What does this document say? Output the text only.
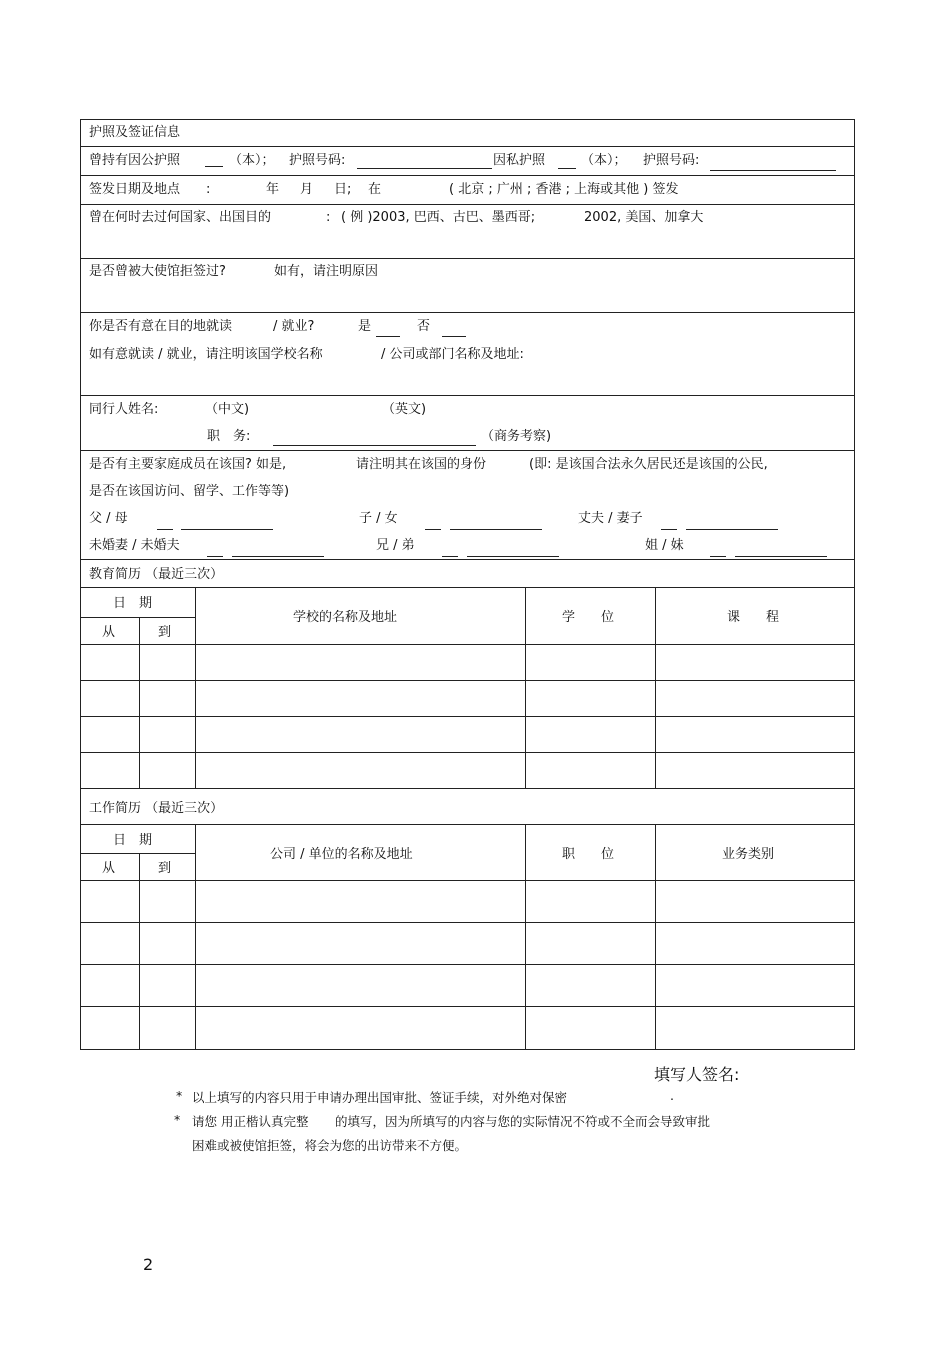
护照及签证信息
曾持有因公护照	（本）； 护照号码:	因私护照	（本）； 护照号码:
签发日期及地点 :	年 月 日; 在	( 北京 ; 广州 ; 香港 ; 上海或其他 ) 签发
曾在何时去过何国家、出国目的	: ( 例 )2003, 巴西、古巴、墨西哥;	2002, 美国、加拿大
是否曾被大使馆拒签过?	如有，请注明原因
你是否有意在目的地就读	/ 就业?	是	否
如有意就读 / 就业，请注明该国学校名称	/ 公司或部门名称及地址:
同行人姓名:	（中文)	（英文)
职　务:	（商务考察)
是否有主要家庭成员在该国? 如是,	请注明其在该国的身份	(即: 是该国合法永久居民还是该国的公民,
是否在该国访问、留学、工作等等)
父 / 母	子 / 女	丈夫 / 妻子
未婚妻 / 未婚夫	兄 / 弟	姐 / 妹
教育简历 （最近三次）
日　期
从	到
学校的名称及地址	学　　位	课　　程
工作简历 （最近三次）
日　期
从	到
公司 / 单位的名称及地址	职　　位	业务类别
填写人签名:
* 以上填写的内容只用于申请办理出国审批、签证手续，对外绝对保密	.
* 请您 用正楷认真完整 的填写，因为所填写的内容与您的实际情况不符或不全而会导致审批
困难或被使馆拒签，将会为您的出访带来不方便。
2
